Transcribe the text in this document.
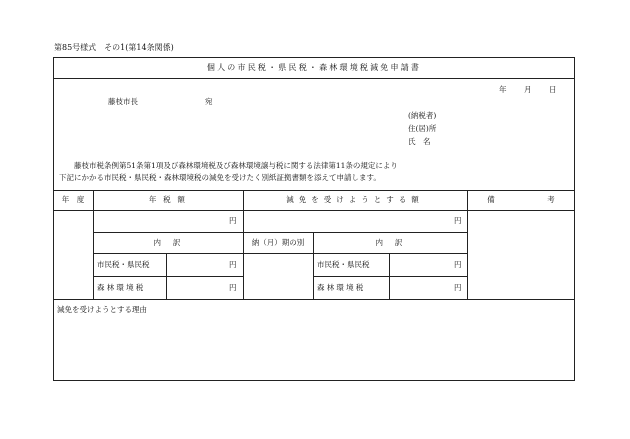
第85号様式　その1(第14条関係)
個人の市民税・県民税・森林環境税減免申請書
年 月 日
藤枝市長	宛
(納税者)
住(居)所
氏　名
藤枝市税条例第51条第1項及び森林環境税及び森林環境譲与税に関する法律第11条の規定により
下記にかかる市民税・県民税・森林環境税の減免を受けたく別紙証拠書類を添えて申請します。
年　度	年 税 額	減免を受けようとする額	備　　　　　　　考
円	円
内　訳	納（月）期の別	内　訳
市民税・県民税	円	市民税・県民税	円
森林環境税	円	森林環境税	円
減免を受けようとする理由
